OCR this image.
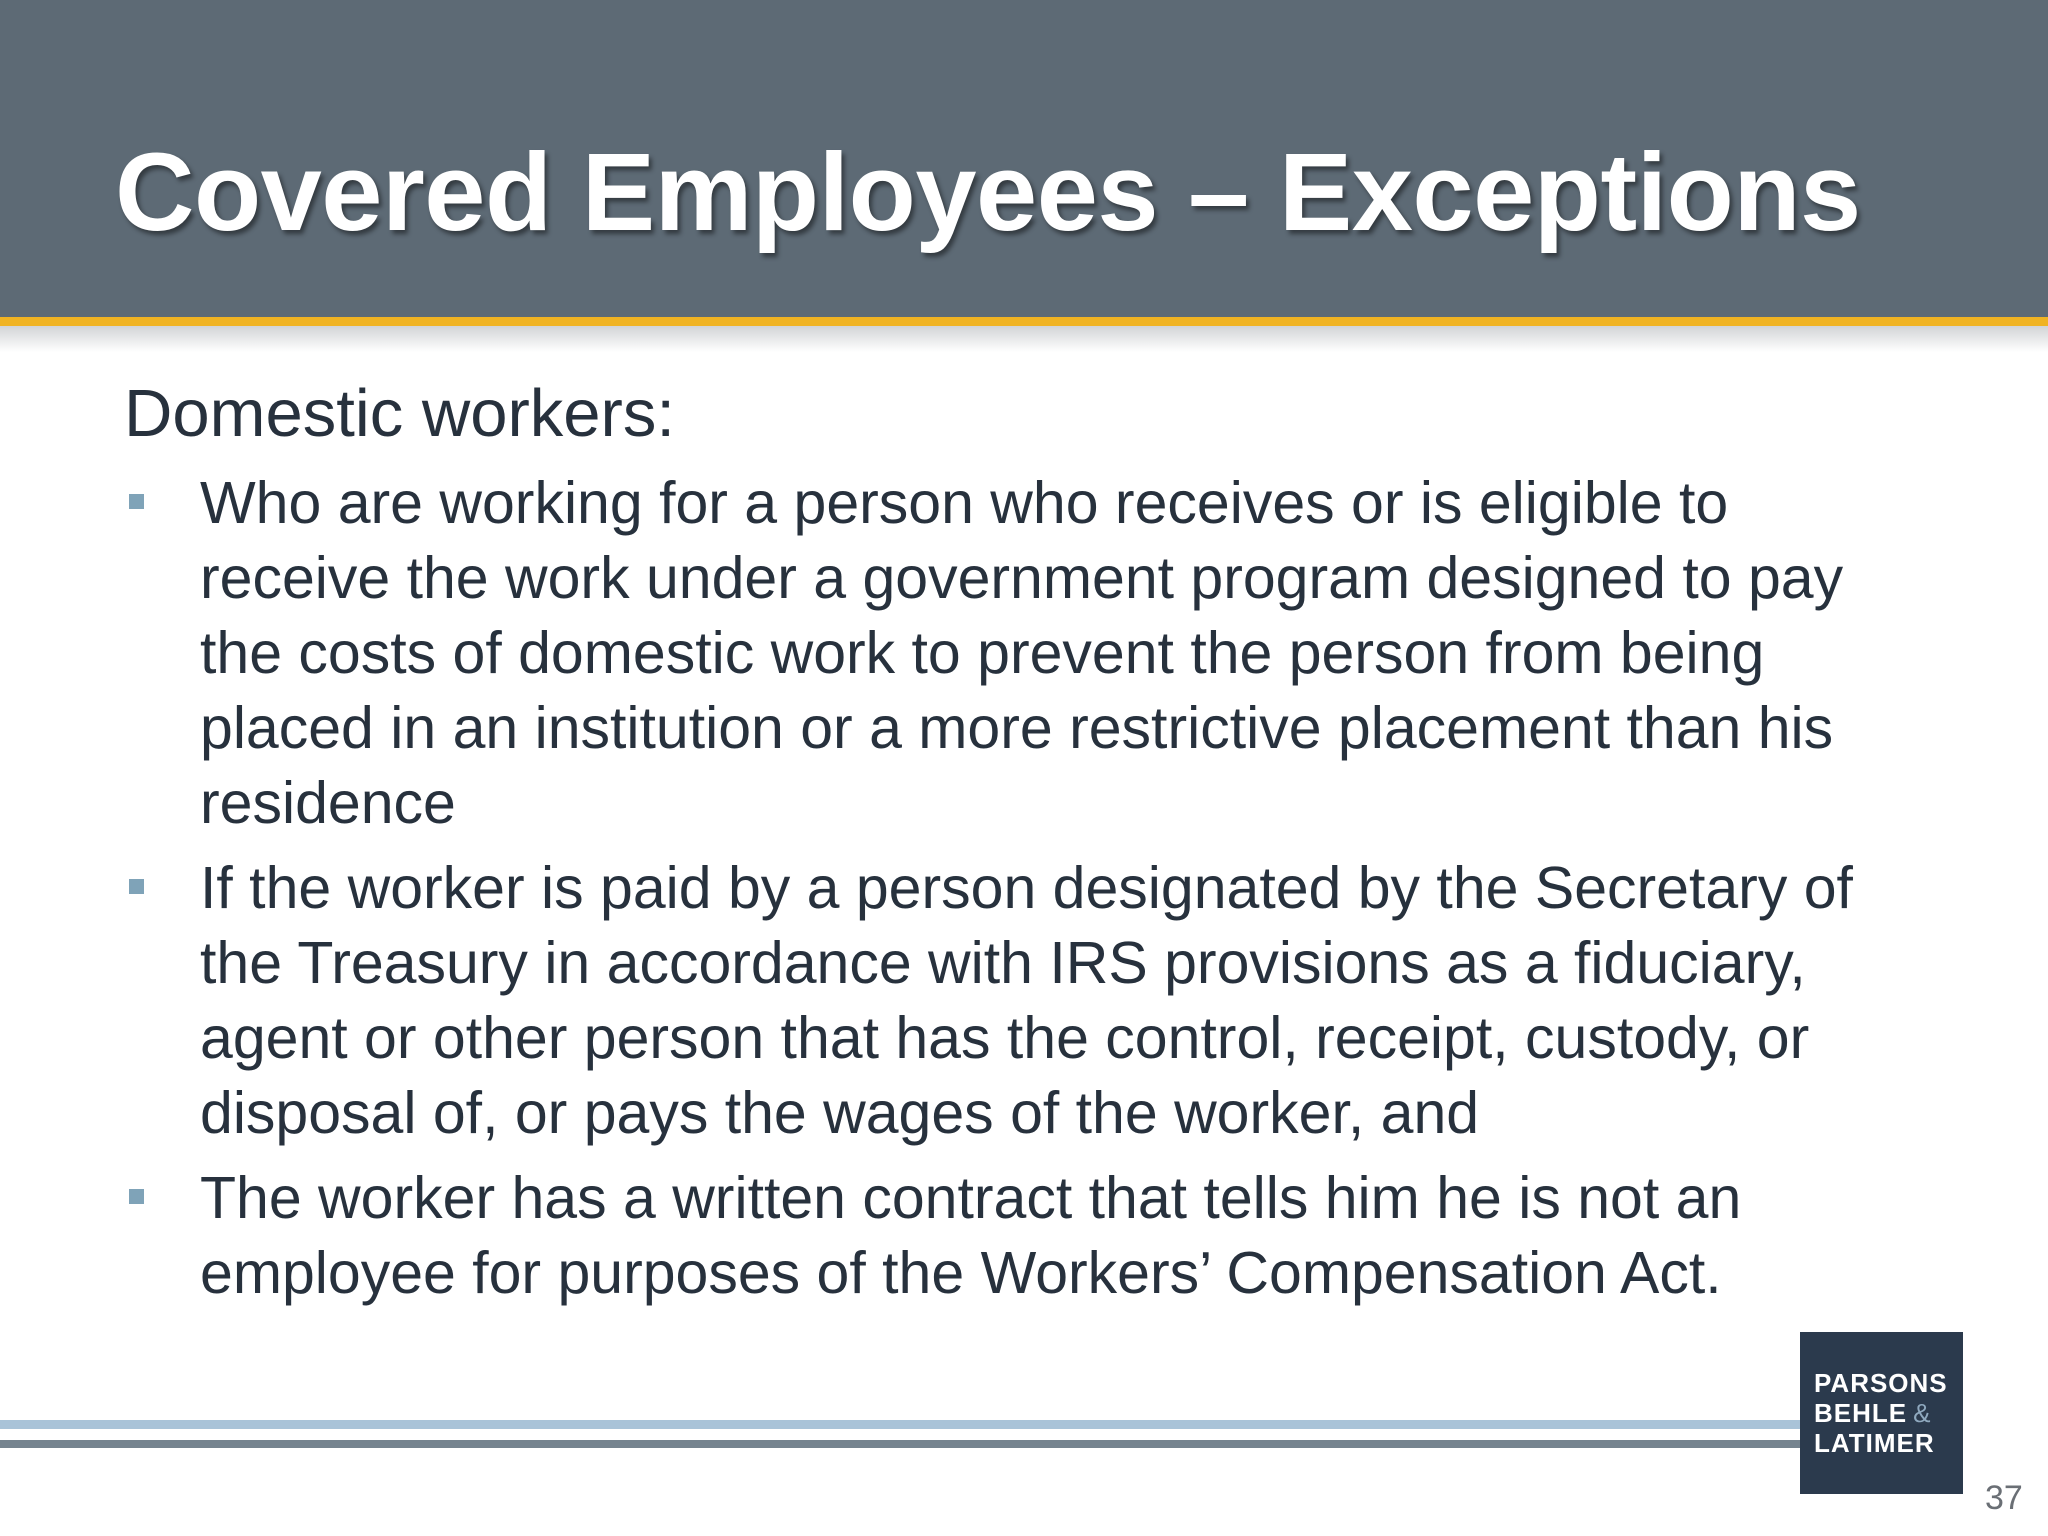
Covered Employees – Exceptions

Domestic workers:

Who are working for a person who receives or is eligible to receive the work under a government program designed to pay the costs of domestic work to prevent the person from being placed in an institution or a more restrictive placement than his residence
If the worker is paid by a person designated by the Secretary of the Treasury in accordance with IRS provisions as a fiduciary, agent or other person that has the control, receipt, custody, or disposal of, or pays the wages of the worker, and
The worker has a written contract that tells him he is not an employee for purposes of the Workers’ Compensation Act.
PARSONS
BEHLE &
LATIMER
37
